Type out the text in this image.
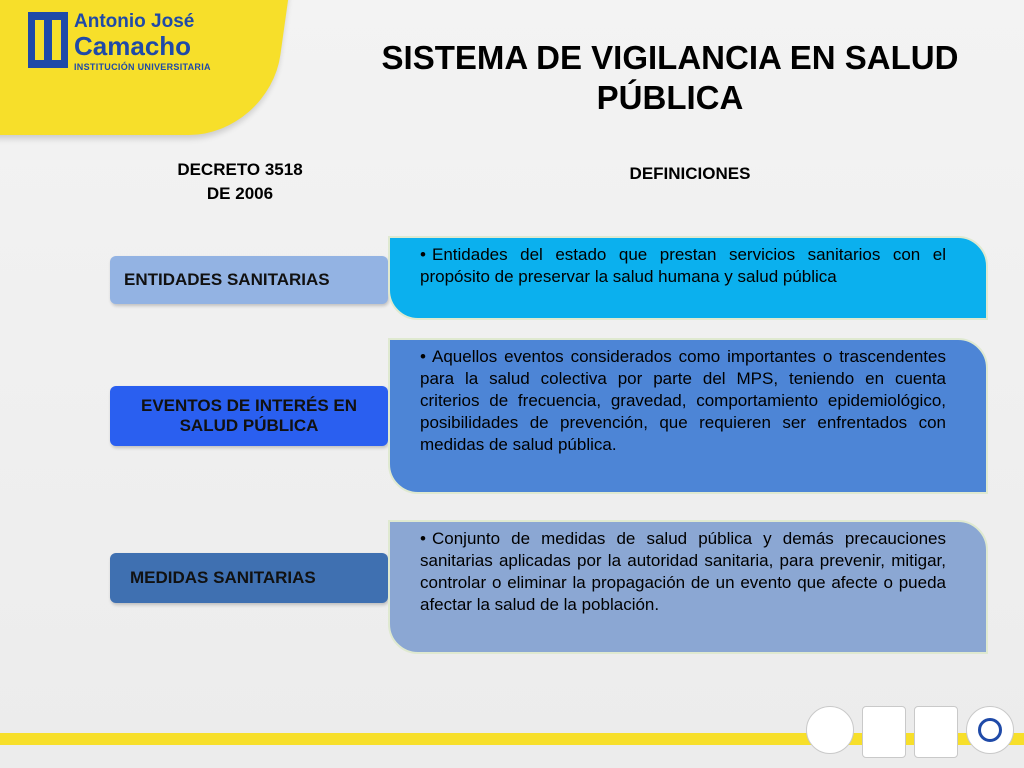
Antonio José
Camacho
INSTITUCIÓN UNIVERSITARIA	SISTEMA DE VIGILANCIA EN SALUD PÚBLICA
DECRETO 3518 DE 2006
DEFINICIONES
ENTIDADES SANITARIAS

• Entidades del estado que prestan servicios sanitarios con el propósito de preservar la salud humana y salud pública

EVENTOS DE INTERÉS EN SALUD PÚBLICA

• Aquellos eventos considerados como importantes o trascendentes para la salud colectiva por parte del MPS, teniendo en cuenta criterios de frecuencia, gravedad, comportamiento epidemiológico, posibilidades de prevención, que requieren ser enfrentados con medidas de salud pública.

MEDIDAS SANITARIAS

• Conjunto de medidas de salud pública y demás precauciones sanitarias aplicadas por la autoridad sanitaria, para prevenir, mitigar, controlar o eliminar la propagación de un evento que afecte o pueda afectar la salud de la población.
